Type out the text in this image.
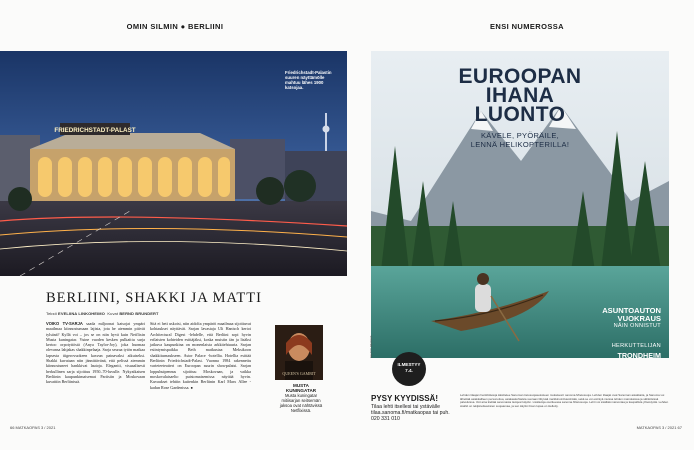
OMIN SILMIN ● BERLIINI
FRIEDRICHSTADT-PALAST
Friedrichstadt-Palastin suuren näyttämölle mahtuu lähes 1900 katsojaa.
BERLIINI, SHAKKI JA MATTI
Teksti EVELIINA LINKOHEIMO Kuvat BERND BRUNDERT
VOIKO TV-SARJA saada miljoonat katsojat ympäri maailmaa kiinnostumaan lajista, jota he aiemmin pitivät tylsänä? Kyllä voi – jos se on niin hyvä kuin Netflixin Musta kuningatar. Vuine vuoden kesken pulkaittu sarja kertoo orpotyttöstä (Anya Taylor-Joy), joka huomaa olevansa lahjakas shakkinpelaaja. Sarja seuraa tytön matkaa lapsesta tiigerovuokeen kasvun painavaksi aikuiseksi. Shakki kuvataan niin jännittävänä, että pelissä aiemmin kiinnostuneet hankkivat lautoja. Elegantti, visuaalisesti herkullinen sarja sijoittuu 1950–70-luvulle. Nykyaikaisen Berliinin kaupunkimaisemat Pariisiin ja Moskovaan kuvattiin Berliinissä.
Sitä ei heti uskoisi, niin aidolta ympäröi maailmaa sijoittuvat kohtaukset näyttävät. Sarjan lavastaja Uli Hanisch kertoi Architectural Digest -lehdelle, että Berliini sopi hyvin erilaisten kohteiden esittäjäksi, koska muistin iän ja lisäksi jatkuva kaupunkina on monenlaista arkkitehtuuria. Sarjan esiintymispaikka Beth matkustaa Meksikoon shakkiturnaukseen. Astor Palace -hotellia. Hotellia esittää Berliinin Friedrichstadt-Palast. Vuonna 1984 rakennettu varieteeteatteri on Euroopan suurin showpalatsi. Sarjan loppuhuipennus sijoittuu Moskovaan, ja vaikka moskovalaisaelto puistomaisemissa näyttää hyvin. Kuvaukset tehtiin kuitenkin Berliinin Karl Marx Allee -kadun Rose Gardenissa. ●
QUEEN'S GAMBIT
MUSTA KUNINGATAR
Musta kuningatar mitiisarjan seitsemän jaksoa ovat nähtävissä Netflixissä.
66 MATKAOPAS 3 / 2021
ENSI NUMEROSSA
EUROOPAN
IHANA
LUONTO
KÄVELE, PYÖRÄILE,
LENNÄ HELIKOPTERILLA!
ASUNTOAUTON
VUOKRAUS
NÄIN ONNISTUT
HERKUTTELIJAN
TRONDHEIM
MATKAOPAS 3 / 2021 67
GETTY IMAGES
ILMESTYY
7.4.
PYSY KYYDISSÄ!
Tilaa lehti itsellesi tai ystävälle tilaa.sanoma.fi/matkaopas tai puh. 020 331 010
Lehden tilaajan henkilötietoja käsittelee Sanoman tietosuojaselosteen mukaisesti: sanoma.fi/tietosuoja. Lehden tilaajat ovat Sanoman asiakkaita, ja Sanoma voi lähettää asiakkailleen personoitua, asiakaskohtaista suoraan liittyvää markkinointiviestintää, sekä se voi esiintyä muissa lehden mainoksissa ja sähköisissä palveluissa. Voit aina kieltää sanomasta tietojesi käytön. Lisätietoja osoitteessa sanoma.fi/tietosuoja. Lehti voi sisältää mainontaa ja kaupallista yhteistyötä. Lehden sisältö on tekijänoikeuksien suojaamaa, ja sen käyttö ilman lupaa on kielletty.
